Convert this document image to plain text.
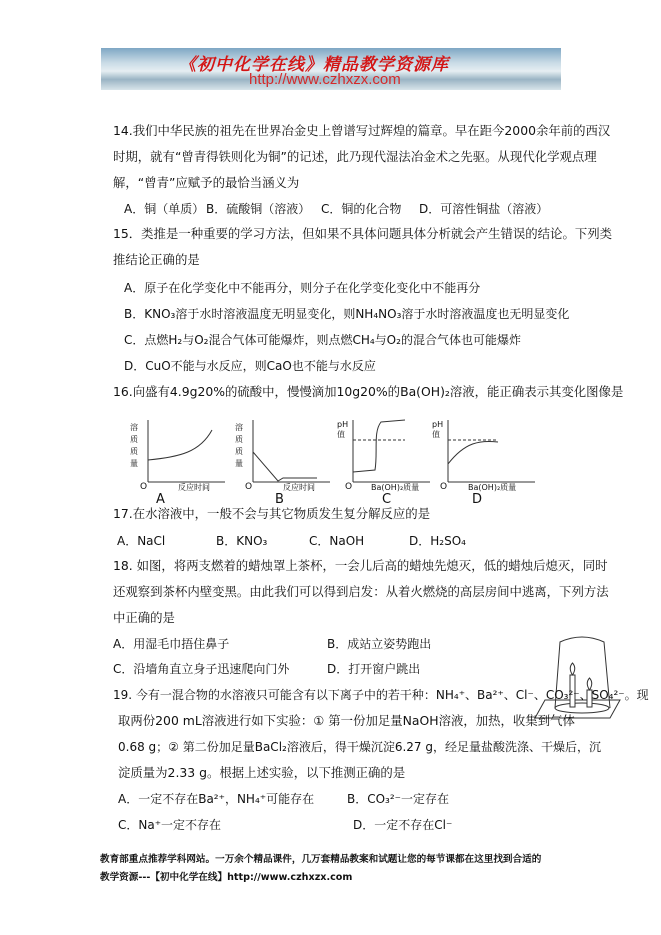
《初中化学在线》精品教学资源库
http://www.czhxzx.com
14.我们中华民族的祖先在世界冶金史上曾谱写过辉煌的篇章。早在距今2000余年前的西汉
时期，就有“曾青得铁则化为铜”的记述，此乃现代湿法冶金术之先驱。从现代化学观点理
解，“曾青”应赋予的最恰当涵义为
A．铜（单质） B．硫酸铜（溶液） C．铜的化合物 D．可溶性铜盐（溶液）
15．类推是一种重要的学习方法，但如果不具体问题具体分析就会产生错误的结论。下列类
推结论正确的是
A．原子在化学变化中不能再分，则分子在化学变化变化中不能再分
B．KNO₃溶于水时溶液温度无明显变化，则NH₄NO₃溶于水时溶液温度也无明显变化
C．点燃H₂与O₂混合气体可能爆炸，则点燃CH₄与O₂的混合气体也可能爆炸
D．CuO不能与水反应，则CaO也不能与水反应
16.向盛有4.9g20%的硫酸中，慢慢滴加10g20%的Ba(OH)₂溶液，能正确表示其变化图像是
溶质质量
O	反应时间
A
溶质质量
O	反应时间
B
pH值
O Ba(OH)₂质量
C
pH值
O	Ba(OH)₂质量
D
17.在水溶液中，一般不会与其它物质发生复分解反应的是
A．NaCl	B．KNO₃	C．NaOH	D．H₂SO₄
18. 如图，将两支燃着的蜡烛罩上茶杯，一会儿后高的蜡烛先熄灭，低的蜡烛后熄灭，同时
还观察到茶杯内壁变黑。由此我们可以得到启发：从着火燃烧的高层房间中逃离，下列方法
中正确的是
A．用湿毛巾捂住鼻子	B．成站立姿势跑出
C．沿墙角直立身子迅速爬向门外	D．打开窗户跳出
19. 今有一混合物的水溶液只可能含有以下离子中的若干种：NH₄⁺、Ba²⁺、Cl⁻、CO₃²⁻、SO₄²⁻。现
取两份200 mL溶液进行如下实验：① 第一份加足量NaOH溶液，加热，收集到气体
0.68 g；② 第二份加足量BaCl₂溶液后，得干燥沉淀6.27 g，经足量盐酸洗涤、干燥后，沉
淀质量为2.33 g。根据上述实验，以下推测正确的是
A．一定不存在Ba²⁺，NH₄⁺可能存在	B．CO₃²⁻一定存在
C．Na⁺一定不存在	D．一定不存在Cl⁻
教育部重点推荐学科网站。一万余个精品课件，几万套精品教案和试题让您的每节课都在这里找到合适的
教学资源---【初中化学在线】http://www.czhxzx.com
